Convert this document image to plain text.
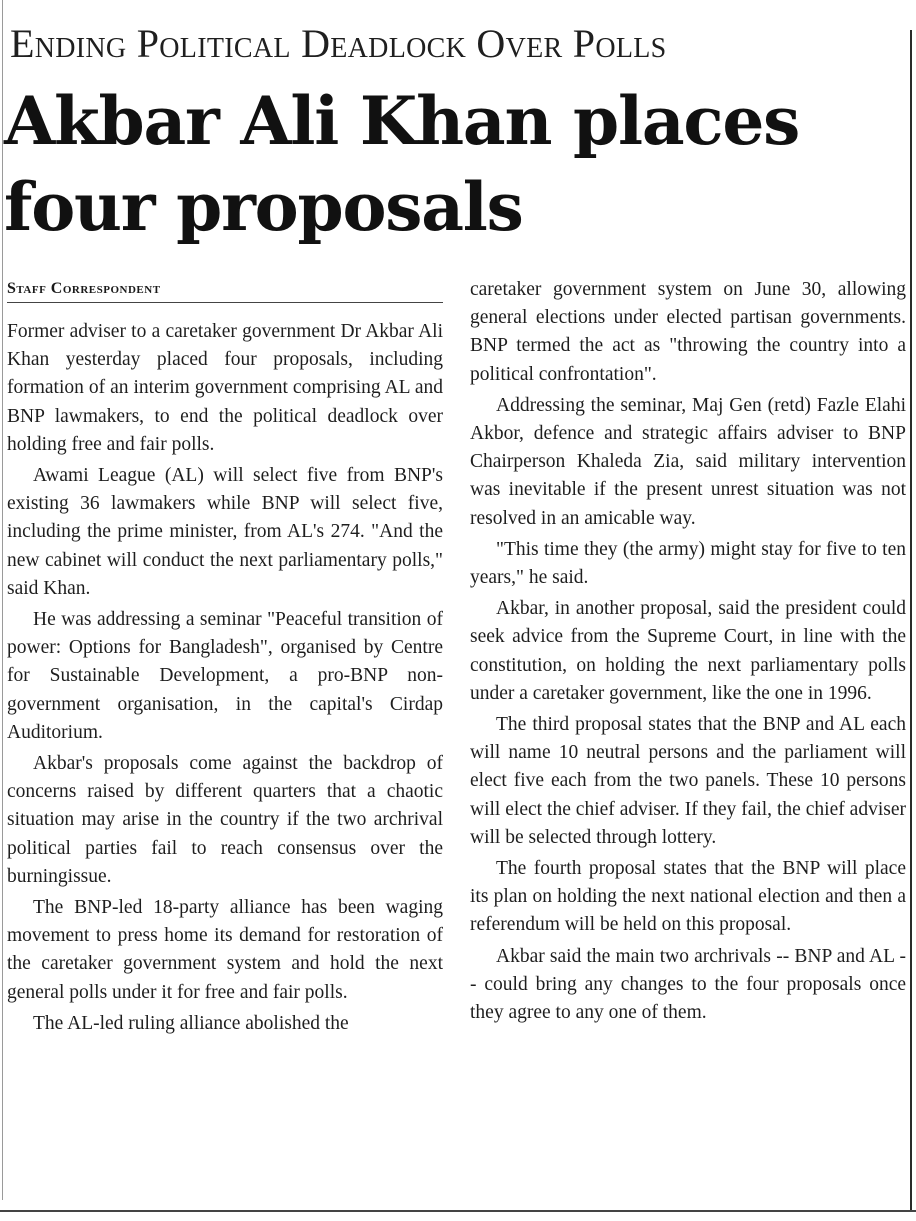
Ending Political Deadlock Over Polls
Akbar Ali Khan places four proposals
Staff Correspondent

Former adviser to a caretaker government Dr Akbar Ali Khan yesterday placed four proposals, including formation of an interim government comprising AL and BNP lawmakers, to end the political deadlock over holding free and fair polls.

Awami League (AL) will select five from BNP's existing 36 lawmakers while BNP will select five, including the prime minister, from AL's 274. "And the new cabinet will conduct the next parliamentary polls," said Khan.

He was addressing a seminar "Peaceful transition of power: Options for Bangladesh", organised by Centre for Sustainable Development, a pro-BNP non-government organisation, in the capital's Cirdap Auditorium.

Akbar's proposals come against the backdrop of concerns raised by different quarters that a chaotic situation may arise in the country if the two archrival political parties fail to reach consensus over the burningissue.

The BNP-led 18-party alliance has been waging movement to press home its demand for restoration of the caretaker government system and hold the next general polls under it for free and fair polls.

The AL-led ruling alliance abolished the

caretaker government system on June 30, allowing general elections under elected partisan governments. BNP termed the act as "throwing the country into a political confrontation".

Addressing the seminar, Maj Gen (retd) Fazle Elahi Akbor, defence and strategic affairs adviser to BNP Chairperson Khaleda Zia, said military intervention was inevitable if the present unrest situation was not resolved in an amicable way.

"This time they (the army) might stay for five to ten years," he said.

Akbar, in another proposal, said the president could seek advice from the Supreme Court, in line with the constitution, on holding the next parliamentary polls under a caretaker government, like the one in 1996.

The third proposal states that the BNP and AL each will name 10 neutral persons and the parliament will elect five each from the two panels. These 10 persons will elect the chief adviser. If they fail, the chief adviser will be selected through lottery.

The fourth proposal states that the BNP will place its plan on holding the next national election and then a referendum will be held on this proposal.

Akbar said the main two archrivals -- BNP and AL -- could bring any changes to the four proposals once they agree to any one of them.
